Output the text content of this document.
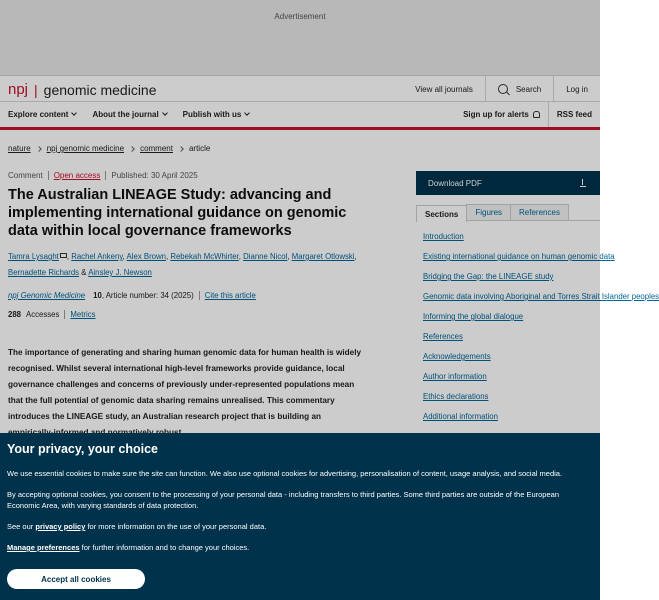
Advertisement
npj | genomic medicine	View all journals	Search	Log in
Explore content	About the journal	Publish with us	Sign up for alerts	RSS feed
nature npj genomic medicine comment article
Comment Open access Published: 30 April 2025
The Australian LINEAGE Study: advancing and implementing international guidance on genomic data within local governance frameworks
Tamra Lysaght , Rachel Ankeny, Alex Brown, Rebekah McWhirter, Dianne Nicol, Margaret Otlowski, Bernadette Richards & Ainsley J. Newson
npj Genomic Medicine 10 , Article number: 34 (2025) Cite this article
288 Accesses Metrics

The importance of generating and sharing human genomic data for human health is widely recognised. Whilst several international high-level frameworks provide guidance, local governance challenges and concerns of previously under-represented populations mean that the full potential of genomic data sharing remains unrealised. This commentary introduces the LINEAGE study, an Australian research project that is building an

Download PDF
Sections	Figures	References
Introduction
Existing international guidance on human genomic data
Bridging the Gap: the LINEAGE study
Genomic data involving Aboriginal and Torres Strait Islander peoples
Informing the global dialogue
References
Acknowledgements
Author information
Ethics declarations
Additional information
Your privacy, your choice

We use essential cookies to make sure the site can function. We also use optional cookies for advertising, personalisation of content, usage analysis, and social media.

By accepting optional cookies, you consent to the processing of your personal data - including transfers to third parties. Some third parties are outside of the European Economic Area, with varying standards of data protection.

See our privacy policy for more information on the use of your personal data.

Manage preferences for further information and to change your choices.

Accept all cookies
